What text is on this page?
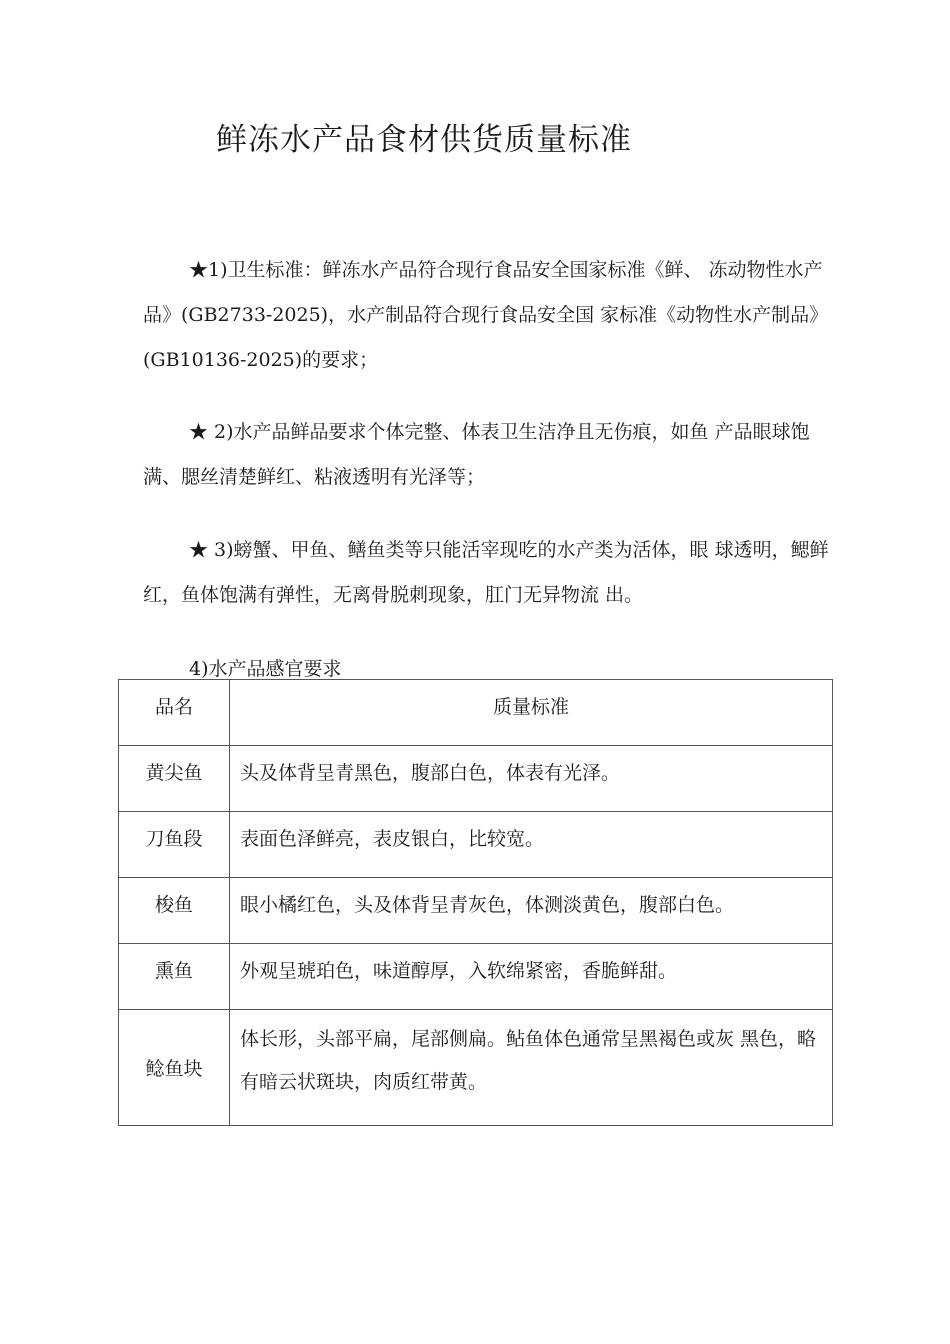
鲜冻水产品食材供货质量标准

★1)卫生标准：鲜冻水产品符合现行食品安全国家标准《鲜、 冻动物性水产品》(GB2733-2025)，水产制品符合现行食品安全国 家标准《动物性水产制品》(GB10136-2025)的要求；

★ 2)水产品鲜品要求个体完整、体表卫生洁净且无伤痕，如鱼 产品眼球饱满、腮丝清楚鲜红、粘液透明有光泽等；

★ 3)螃蟹、甲鱼、鳝鱼类等只能活宰现吃的水产类为活体，眼 球透明，鳃鲜红，鱼体饱满有弹性，无离骨脱刺现象，肛门无异物流 出。

4)水产品感官要求
品名	质量标准
黄尖鱼	头及体背呈青黑色，腹部白色，体表有光泽。
刀鱼段	表面色泽鲜亮，表皮银白，比较宽。
梭鱼	眼小橘红色，头及体背呈青灰色，体测淡黄色，腹部白色。
熏鱼	外观呈琥珀色，味道醇厚，入软绵紧密，香脆鲜甜。
鲶鱼块	体长形，头部平扁，尾部侧扁。鲇鱼体色通常呈黑褐色或灰 黑色，略有暗云状斑块，肉质红带黄。
